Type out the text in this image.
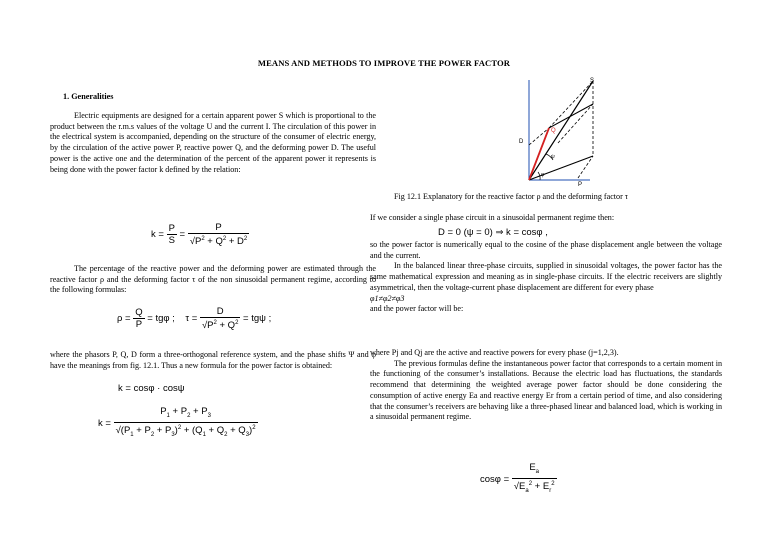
MEANS AND METHODS TO IMPROVE THE POWER FACTOR
1. Generalities

Electric equipments are designed for a certain apparent power S which is proportional to the product between the r.m.s values of the voltage U and the current I. The circulation of this power in the electrical system is accompanied, depending on the structure of the consumer of electric energy, by the circulation of the active power P, reactive power Q, and the deforming power D. The useful power is the active one and the determination of the percent of the apparent power it represents is being done with the power factor k defined by the relation:

$k = \frac{P}{S} = \frac{P}{√P^2 + Q^2 + D^2}$

The percentage of the reactive power and the deforming power are estimated through the reactive factor ρ and the deforming factor τ of the non sinusoidal permanent regime, according to the following formulas:

$\rho = \frac{Q}{P} = tg\varphi$ ;    $\tau = \frac{D}{√P^2 + Q^2} = tg\psi$ ;

where the phasors P, Q, D form a three-orthogonal reference system, and the phase shifts Ψ and φ have the meanings from fig. 12.1. Thus a new formula for the power factor is obtained:

k = cosφ · cosψ
$k = \frac{P_1 + P_2 + P_3}{√(P_1 + P_2 + P_3)^2 + (Q_1 + Q_2 + Q_3)^2}$
S
Q
D
P
ψ
φ
Fig 12.1 Explanatory for the reactive factor ρ and the deforming factor τ

If we consider a single phase circuit in a sinusoidal permanent regime then:

D = 0 (ψ = 0) ⇒ k = cosφ ,

so the power factor is numerically equal to the cosine of the phase displacement angle between the voltage and the current.

In the balanced linear three-phase circuits, supplied in sinusoidal voltages, the power factor has the same mathematical expression and meaning as in single-phase circuits. If the electric receivers are slightly asymmetrical, then the voltage-current phase displacement are different for every phase

φ1≠φ2≠φ3

and the power factor will be:

where Pj and Qj are the active and reactive powers for every phase (j=1,2,3).

The previous formulas define the instantaneous power factor that corresponds to a certain moment in the functioning of the consumer’s installations. Because the electric load has fluctuations, the standards recommend that determining the weighted average power factor should be done considering the consumption of active energy Ea and reactive energy Er from a certain period of time, and also considering that the consumer’s receivers are behaving like a three-phased linear and balanced load, which is working in a sinusoidal permanent regime.

$\cos\varphi = \frac{E_a}{√E_a^2 + E_r^2}$
